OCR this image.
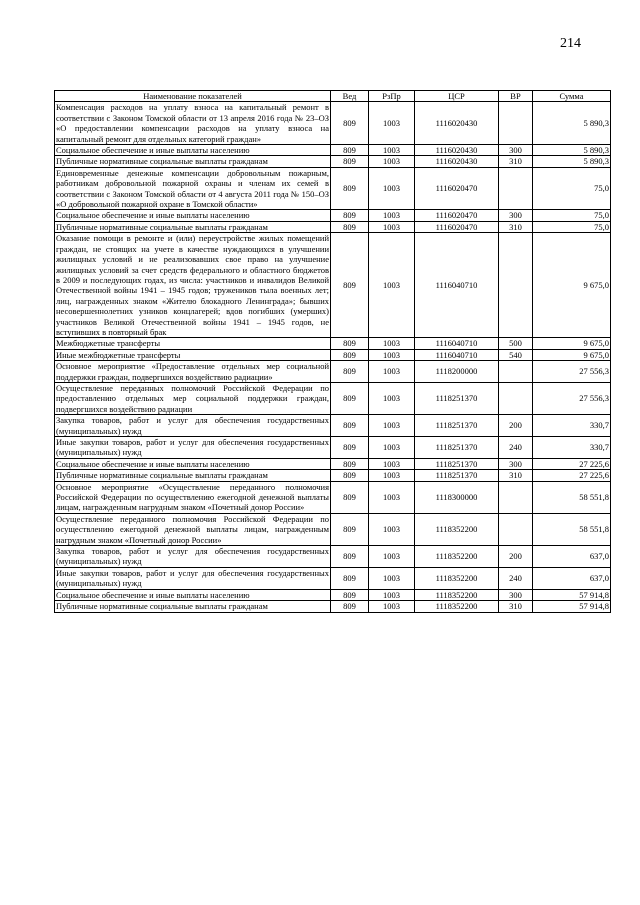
214
Наименование показателей	Вед	РзПр	ЦСР	ВР	Сумма
Компенсация расходов на уплату взноса на капитальный ремонт в соответствии с Законом Томской области от 13 апреля 2016 года № 23–ОЗ «О предоставлении компенсации расходов на уплату взноса на капитальный ремонт для отдельных категорий граждан»	809	1003	1116020430		5 890,3
Социальное обеспечение и иные выплаты населению	809	1003	1116020430	300	5 890,3
Публичные нормативные социальные выплаты гражданам	809	1003	1116020430	310	5 890,3
Единовременные денежные компенсации добровольным пожарным, работникам добровольной пожарной охраны и членам их семей в соответствии с Законом Томской области от 4 августа 2011 года № 150–ОЗ «О добровольной пожарной охране в Томской области»	809	1003	1116020470		75,0
Социальное обеспечение и иные выплаты населению	809	1003	1116020470	300	75,0
Публичные нормативные социальные выплаты гражданам	809	1003	1116020470	310	75,0
Оказание помощи в ремонте и (или) переустройстве жилых помещений граждан, не стоящих на учете в качестве нуждающихся в улучшении жилищных условий и не реализовавших свое право на улучшение жилищных условий за счет средств федерального и областного бюджетов в 2009 и последующих годах, из числа: участников и инвалидов Великой Отечественной войны 1941 – 1945 годов; тружеников тыла военных лет; лиц, награжденных знаком «Жителю блокадного Ленинграда»; бывших несовершеннолетних узников концлагерей; вдов погибших (умерших) участников Великой Отечественной войны 1941 – 1945 годов, не вступивших в повторный брак	809	1003	1116040710		9 675,0
Межбюджетные трансферты	809	1003	1116040710	500	9 675,0
Иные межбюджетные трансферты	809	1003	1116040710	540	9 675,0
Основное мероприятие «Предоставление отдельных мер социальной поддержки граждан, подвергшихся воздействию радиации»	809	1003	1118200000		27 556,3
Осуществление переданных полномочий Российской Федерации по предоставлению отдельных мер социальной поддержки граждан, подвергшихся воздействию радиации	809	1003	1118251370		27 556,3
Закупка товаров, работ и услуг для обеспечения государственных (муниципальных) нужд	809	1003	1118251370	200	330,7
Иные закупки товаров, работ и услуг для обеспечения государственных (муниципальных) нужд	809	1003	1118251370	240	330,7
Социальное обеспечение и иные выплаты населению	809	1003	1118251370	300	27 225,6
Публичные нормативные социальные выплаты гражданам	809	1003	1118251370	310	27 225,6
Основное мероприятие «Осуществление переданного полномочия Российской Федерации по осуществлению ежегодной денежной выплаты лицам, награжденным нагрудным знаком «Почетный донор России»	809	1003	1118300000		58 551,8
Осуществление переданного полномочия Российской Федерации по осуществлению ежегодной денежной выплаты лицам, награжденным нагрудным знаком «Почетный донор России»	809	1003	1118352200		58 551,8
Закупка товаров, работ и услуг для обеспечения государственных (муниципальных) нужд	809	1003	1118352200	200	637,0
Иные закупки товаров, работ и услуг для обеспечения государственных (муниципальных) нужд	809	1003	1118352200	240	637,0
Социальное обеспечение и иные выплаты населению	809	1003	1118352200	300	57 914,8
Публичные нормативные социальные выплаты гражданам	809	1003	1118352200	310	57 914,8
